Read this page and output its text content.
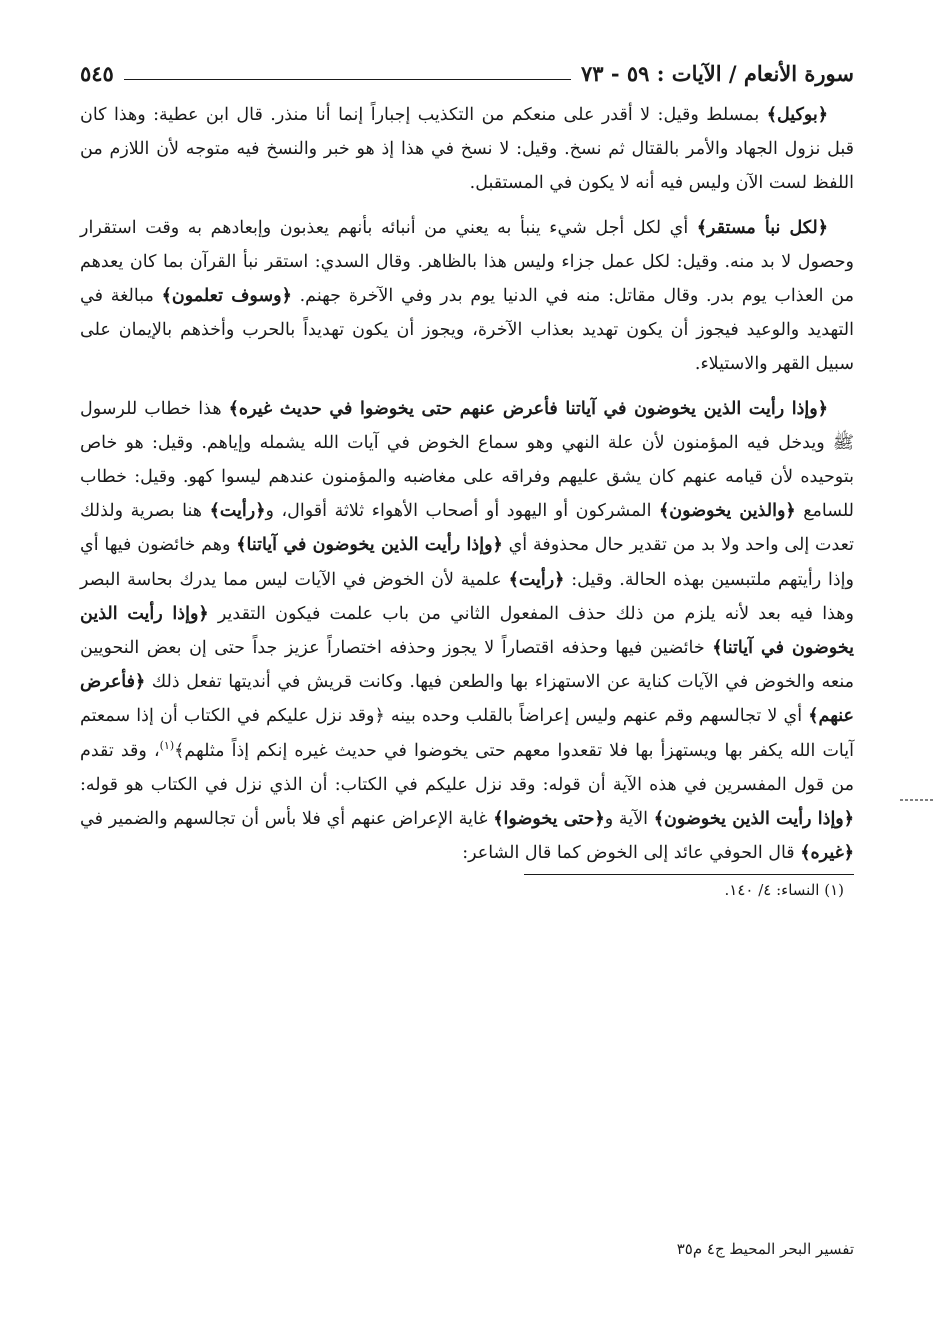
سورة الأنعام / الآيات : ٥٩ - ٧٣
٥٤٥

﴿بوكيل﴾ بمسلط وقيل: لا أقدر على منعكم من التكذيب إجباراً إنما أنا منذر. قال ابن عطية: وهذا كان قبل نزول الجهاد والأمر بالقتال ثم نسخ. وقيل: لا نسخ في هذا إذ هو خبر والنسخ فيه متوجه لأن اللازم من اللفظ لست الآن وليس فيه أنه لا يكون في المستقبل.

﴿لكل نبأ مستقر﴾ أي لكل أجل شيء ينبأ به يعني من أنبائه بأنهم يعذبون وإبعادهم به وقت استقرار وحصول لا بد منه. وقيل: لكل عمل جزاء وليس هذا بالظاهر. وقال السدي: استقر نبأ القرآن بما كان يعدهم من العذاب يوم بدر. وقال مقاتل: منه في الدنيا يوم بدر وفي الآخرة جهنم. ﴿وسوف تعلمون﴾ مبالغة في التهديد والوعيد فيجوز أن يكون تهديد بعذاب الآخرة، ويجوز أن يكون تهديداً بالحرب وأخذهم بالإيمان على سبيل القهر والاستيلاء.

﴿وإذا رأيت الذين يخوضون في آياتنا فأعرض عنهم حتى يخوضوا في حديث غيره﴾ هذا خطاب للرسول ﷺ ويدخل فيه المؤمنون لأن علة النهي وهو سماع الخوض في آيات الله يشمله وإياهم. وقيل: هو خاص بتوحيده لأن قيامه عنهم كان يشق عليهم وفراقه على مغاضبه والمؤمنون عندهم ليسوا كهو. وقيل: خطاب للسامع ﴿والذين يخوضون﴾ المشركون أو اليهود أو أصحاب الأهواء ثلاثة أقوال، و﴿رأيت﴾ هنا بصرية ولذلك تعدت إلى واحد ولا بد من تقدير حال محذوفة أي ﴿وإذا رأيت الذين يخوضون في آياتنا﴾ وهم خائضون فيها أي وإذا رأيتهم ملتبسين بهذه الحالة. وقيل: ﴿رأيت﴾ علمية لأن الخوض في الآيات ليس مما يدرك بحاسة البصر وهذا فيه بعد لأنه يلزم من ذلك حذف المفعول الثاني من باب علمت فيكون التقدير ﴿وإذا رأيت الذين يخوضون في آياتنا﴾ خائضين فيها وحذفه اقتصاراً لا يجوز وحذفه اختصاراً عزيز جداً حتى إن بعض النحويين منعه والخوض في الآيات كناية عن الاستهزاء بها والطعن فيها. وكانت قريش في أنديتها تفعل ذلك ﴿فأعرض عنهم﴾ أي لا تجالسهم وقم عنهم وليس إعراضاً بالقلب وحده بينه ﴿وقد نزل عليكم في الكتاب أن إذا سمعتم آيات الله يكفر بها ويستهزأ بها فلا تقعدوا معهم حتى يخوضوا في حديث غيره إنكم إذاً مثلهم﴾$^{(١)}$، وقد تقدم من قول المفسرين في هذه الآية أن قوله: وقد نزل عليكم في الكتاب: أن الذي نزل في الكتاب هو قوله: ﴿وإذا رأيت الذين يخوضون﴾ الآية و﴿حتى يخوضوا﴾ غاية الإعراض عنهم أي فلا بأس أن تجالسهم والضمير في ﴿غيره﴾ قال الحوفي عائد إلى الخوض كما قال الشاعر:

(١) النساء: ٤/ ١٤٠.
تفسير البحر المحيط ج٤ م٣٥
